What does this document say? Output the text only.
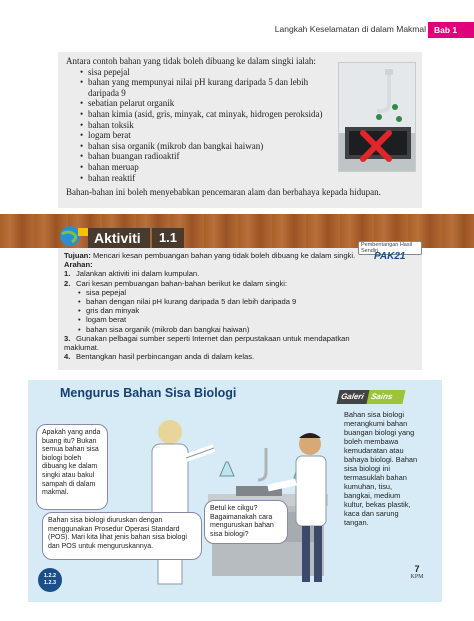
Langkah Keselamatan di dalam Makmal Bab 1

Antara contoh bahan yang tidak boleh dibuang ke dalam singki ialah:

• sisa pepejal
• bahan yang mempunyai nilai pH kurang daripada 5 dan lebih daripada 9
• sebatian pelarut organik
• bahan kimia (asid, gris, minyak, cat minyak, hidrogen peroksida)
• bahan toksik
• logam berat
• bahan sisa organik (mikrob dan bangkai haiwan)
• bahan buangan radioaktif
• bahan meruap
• bahan reaktif

Bahan-bahan ini boleh menyebabkan pencemaran alam dan berbahaya kepada hidupan.

Aktiviti	1.1	Pembentangan Hasil Sendiri
PAK21

Tujuan: Mencari kesan pembuangan bahan yang tidak boleh dibuang ke dalam singki.

Arahan:

1. Jalankan aktiviti ini dalam kumpulan.
2. Cari kesan pembuangan bahan-bahan berikut ke dalam singki:
• sisa pepejal
• bahan dengan nilai pH kurang daripada 5 dan lebih daripada 9
• gris dan minyak
• logam berat
• bahan sisa organik (mikrob dan bangkai haiwan)
3. Gunakan pelbagai sumber seperti Internet dan perpustakaan untuk mendapatkan maklumat.
4. Bentangkan hasil perbincangan anda di dalam kelas.
Mengurus Bahan Sisa Biologi
Apakah yang anda buang itu? Bukan semua bahan sisa biologi boleh dibuang ke dalam singki atau bakul sampah di dalam makmal.
Bahan sisa biologi diuruskan dengan menggunakan Prosedur Operasi Standard (POS). Mari kita lihat jenis bahan sisa biologi dan POS untuk menguruskannya.
Betul ke cikgu? Bagaimanakah cara menguruskan bahan sisa biologi?
Galeri Sains

Bahan sisa biologi merangkumi bahan buangan biologi yang boleh membawa kemudaratan atau bahaya biologi. Bahan sisa biologi ini termasuklah bahan kumuhan, tisu, bangkai, medium kultur, bekas plastik, kaca dan sarung tangan.

1.2.2 1.2.3
7
KPM
